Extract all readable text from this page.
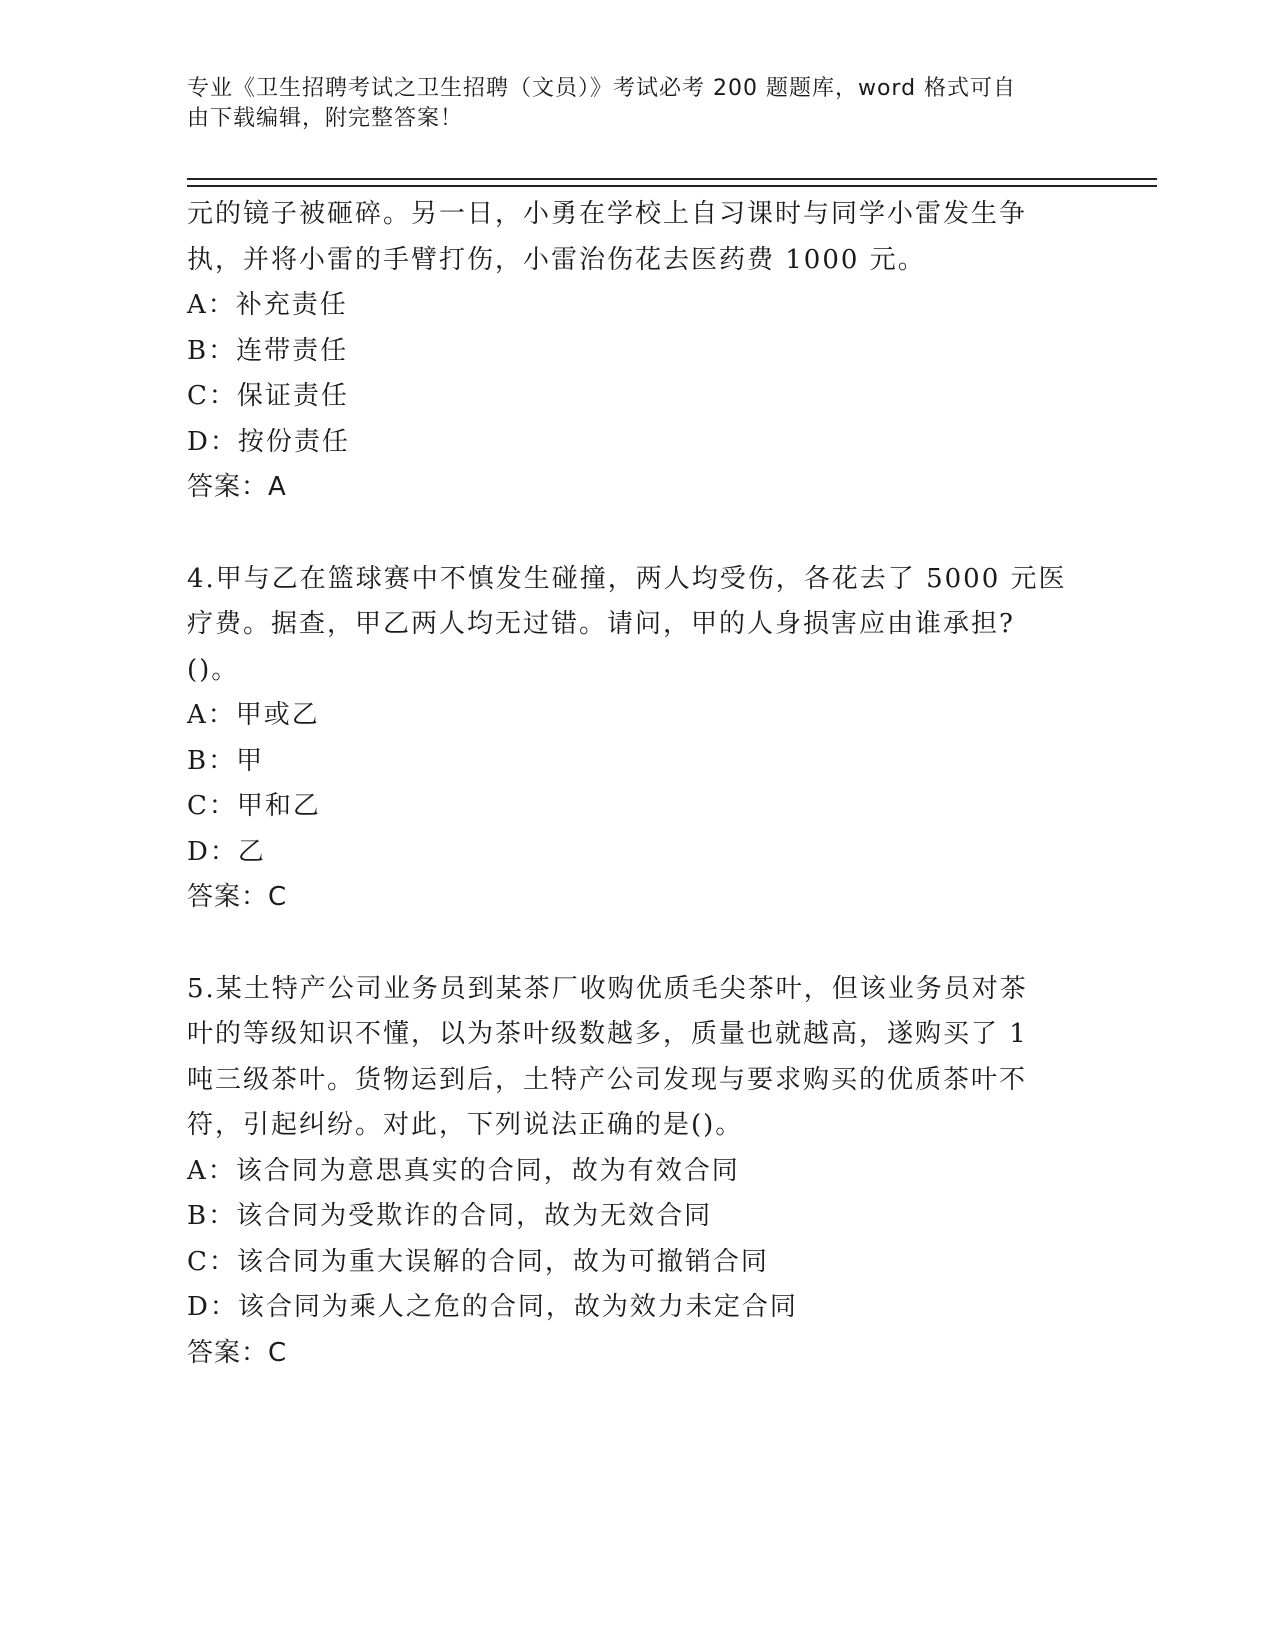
专业《卫生招聘考试之卫生招聘（文员）》考试必考 200 题题库，word 格式可自
由下载编辑，附完整答案！
元的镜子被砸碎。另一日，小勇在学校上自习课时与同学小雷发生争
执，并将小雷的手臂打伤，小雷治伤花去医药费 1000 元。
A：补充责任
B：连带责任
C：保证责任
D：按份责任
答案：A
4.甲与乙在篮球赛中不慎发生碰撞，两人均受伤，各花去了 5000 元医
疗费。据查，甲乙两人均无过错。请问，甲的人身损害应由谁承担?
()。
A：甲或乙
B：甲
C：甲和乙
D：乙
答案：C
5.某土特产公司业务员到某茶厂收购优质毛尖茶叶，但该业务员对茶
叶的等级知识不懂，以为茶叶级数越多，质量也就越高，遂购买了 1
吨三级茶叶。货物运到后，土特产公司发现与要求购买的优质茶叶不
符，引起纠纷。对此，下列说法正确的是()。
A：该合同为意思真实的合同，故为有效合同
B：该合同为受欺诈的合同，故为无效合同
C：该合同为重大误解的合同，故为可撤销合同
D：该合同为乘人之危的合同，故为效力未定合同
答案：C
